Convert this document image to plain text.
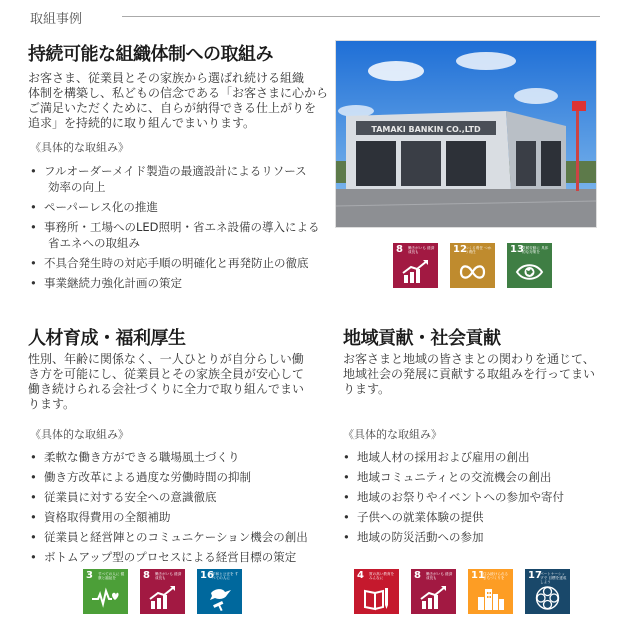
取組事例
持続可能な組織体制への取組み
お客さま、従業員とその家族から選ばれ続ける組織
体制を構築し、私どもの信念である「お客さまに心から
ご満足いただくために、自らが納得できる仕上がりを
追求」を持続的に取り組んでまいります。
《具体的な取組み》
• フルオーダーメイド製造の最適設計によるリソース
効率の向上
• ペーパーレス化の推進
• 事務所・工場へのLED照明・省エネ設備の導入による
省エネへの取組み
• 不具合発生時の対応手順の明確化と再発防止の徹底
• 事業継続力強化計画の策定
TAMAKI BANKIN CO.,LTD
8 働きがいも 経済成長も	12
つくる責任 つかう責任	13
気候変動に 具体的な対策を
人材育成・福利厚生
性別、年齢に関係なく、一人ひとりが自分らしい働
き方を可能にし、従業員とその家族全員が安心して
働き続けられる会社づくりに全力で取り組んでまい
ります。
《具体的な取組み》
• 柔軟な働き方ができる職場風土づくり
• 働き方改革による過度な労働時間の抑制
• 従業員に対する安全への意識徹底
• 資格取得費用の全額補助
• 従業員と経営陣とのコミュニケーション機会の創出
• ボトムアップ型のプロセスによる経営目標の策定
3 すべての人に 健康と福祉を	8 働きがいも 経済成長も	16
平和と公正を すべての人に
地域貢献・社会貢献
お客さまと地域の皆さまとの関わりを通じて、
地域社会の発展に貢献する取組みを行ってまい
ります。
《具体的な取組み》
• 地域人材の採用および雇用の創出
• 地域コミュニティとの交流機会の創出
• 地域のお祭りやイベントへの参加や寄付
• 子供への就業体験の提供
• 地域の防災活動への参加
4 質の高い教育を みんなに	8 働きがいも 経済成長も	11
住み続けられる まちづくりを	17
パートナーシップで 目標を達成しよう
